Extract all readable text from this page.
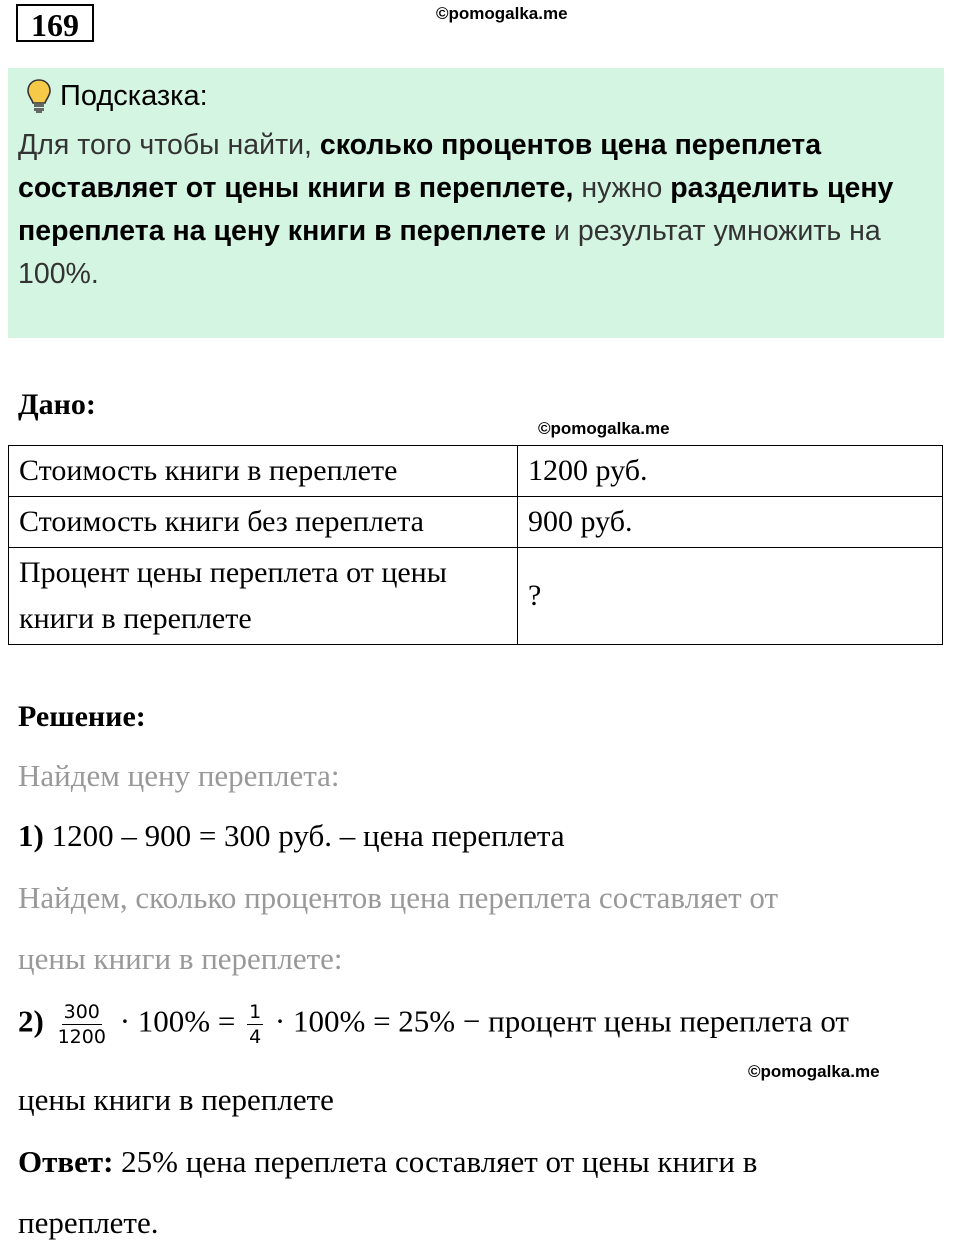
169	©pomogalka.me
Подсказка:
Для того чтобы найти, сколько процентов цена переплета составляет от цены книги в переплете, нужно разделить цену переплета на цену книги в переплете и результат умножить на 100%.
Дано:
©pomogalka.me
Стоимость книги в переплете	1200 руб.
Стоимость книги без переплета	900 руб.
Процент цены переплета от цены книги в переплете	?
Решение:
Найдем цену переплета:
1) 1200 – 900 = 300 руб. – цена переплета
Найдем, сколько процентов цена переплета составляет от
цены книги в переплете:
$2) \frac{300}{1200} \cdot 100\% = \frac{1}{4} \cdot 100\% = 25\%$ − процент цены переплета от
©pomogalka.me
цены книги в переплете
Ответ: 25% цена переплета составляет от цены книги в
переплете.
